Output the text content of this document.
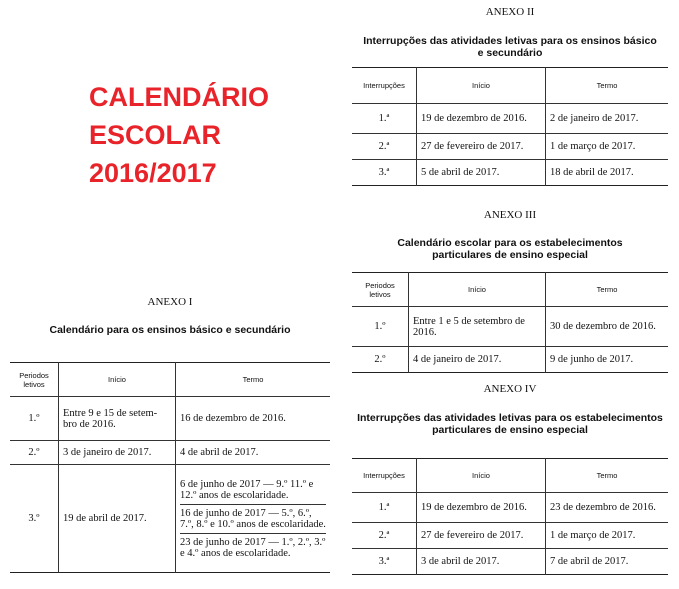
CALENDÁRIO
ESCOLAR
2016/2017
ANEXO I
Calendário para os ensinos básico e secundário
Periodos letivos	Início	Termo
1.º	Entre 9 e 15 de setem- bro de 2016.	16 de dezembro de 2016.
2.º	3 de janeiro de 2017.	4 de abril de 2017.
3.º	19 de abril de 2017.	6 de junho de 2017 — 9.º 11.º e 12.º anos de escolaridade.
16 de junho de 2017 — 5.º, 6.º, 7.º, 8.º e 10.º anos de escolaridade.
23 de junho de 2017 — 1.º, 2.º, 3.º e 4.º anos de escolaridade.
ANEXO II
Interrupções das atividades letivas para os ensinos básico e secundário
Interrupções	Início	Termo
1.ª	19 de dezembro de 2016.	2 de janeiro de 2017.
2.ª	27 de fevereiro de 2017.	1 de março de 2017.
3.ª	5 de abril de 2017.	18 de abril de 2017.
ANEXO III
Calendário escolar para os estabelecimentos particulares de ensino especial
Periodos letivos	Início	Termo
1.º	Entre 1 e 5 de setembro de 2016.	30 de dezembro de 2016.
2.º	4 de janeiro de 2017.	9 de junho de 2017.
ANEXO IV
Interrupções das atividades letivas para os estabelecimentos particulares de ensino especial
Interrupções	Início	Termo
1.ª	19 de dezembro de 2016.	23 de dezembro de 2016.
2.ª	27 de fevereiro de 2017.	1 de março de 2017.
3.ª	3 de abril de 2017.	7 de abril de 2017.
